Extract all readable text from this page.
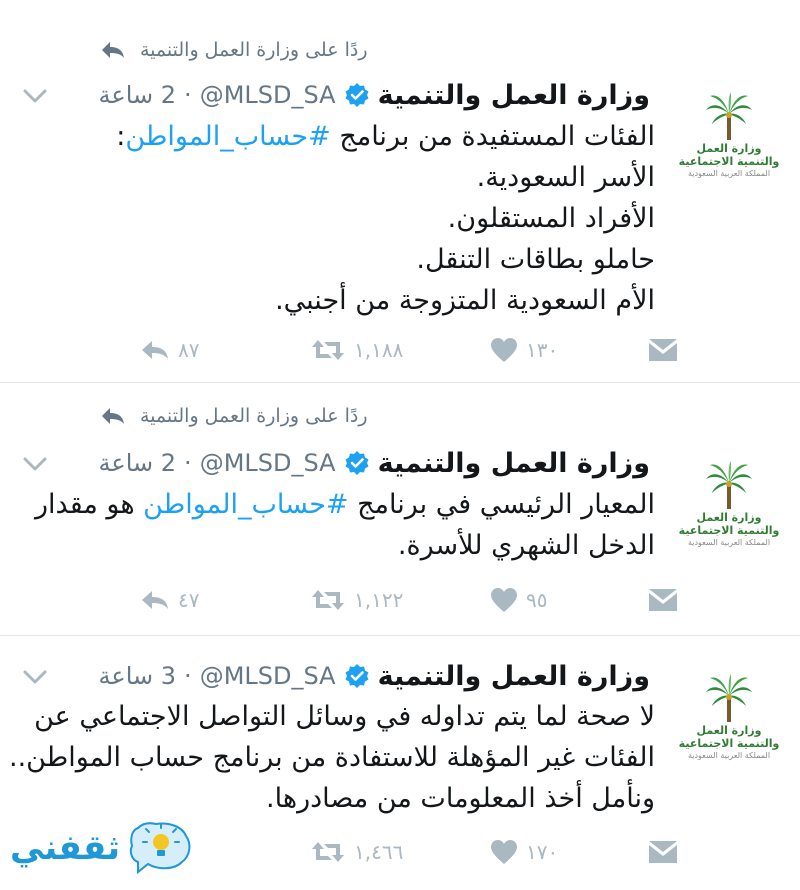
ردًا على وزارة العمل والتنمية
وزارة العمل
والتنمية الاجتماعية
المملكة العربية السعودية
وزارة العمل والتنمية
@MLSD_SA
·
2 ساعة
الفئات المستفيدة من برنامج #حساب_المواطن:
الأسر السعودية.
الأفراد المستقلون.
حاملو بطاقات التنقل.
الأم السعودية المتزوجة من أجنبي.
٨٧	١,١٨٨	١٣٠
ردًا على وزارة العمل والتنمية
وزارة العمل
والتنمية الاجتماعية
المملكة العربية السعودية
وزارة العمل والتنمية
@MLSD_SA
·
2 ساعة
المعيار الرئيسي في برنامج #حساب_المواطن هو مقدار
الدخل الشهري للأسرة.
٤٧	١,١٢٢	٩٥
وزارة العمل
والتنمية الاجتماعية
المملكة العربية السعودية
وزارة العمل والتنمية
@MLSD_SA
·
3 ساعة
لا صحة لما يتم تداوله في وسائل التواصل الاجتماعي عن
الفئات غير المؤهلة للاستفادة من برنامج حساب المواطن..
ونأمل أخذ المعلومات من مصادرها.
١,٤٦٦	١٧٠
ثقفني
